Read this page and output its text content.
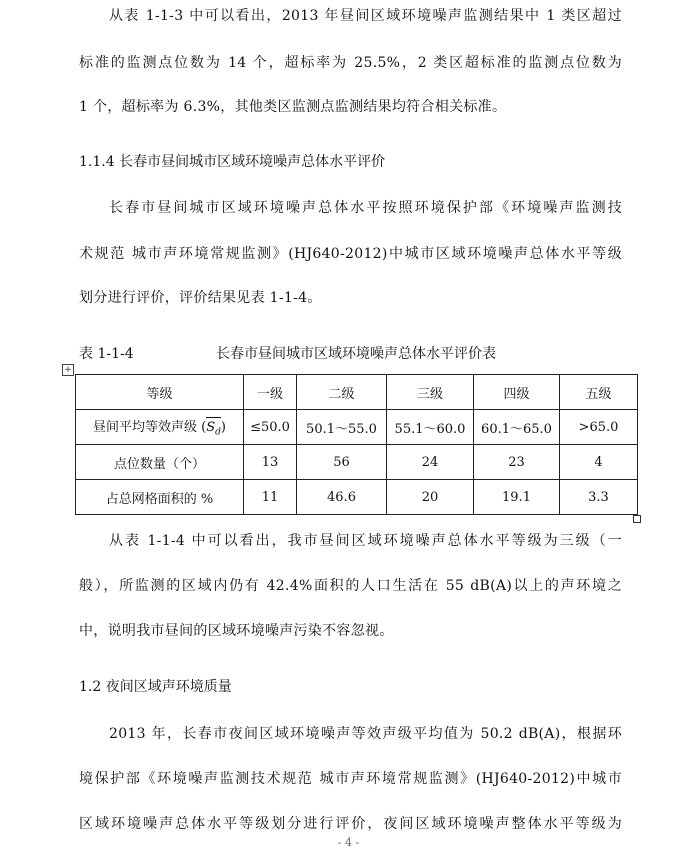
从表 1-1-3 中可以看出，2013 年昼间区域环境噪声监测结果中 1 类区超过
标准的监测点位数为 14 个，超标率为 25.5%，2 类区超标准的监测点位数为
1 个，超标率为 6.3%，其他类区监测点监测结果均符合相关标准。
1.1.4 长春市昼间城市区域环境噪声总体水平评价
长春市昼间城市区域环境噪声总体水平按照环境保护部《环境噪声监测技
术规范 城市声环境常规监测》(HJ640-2012)中城市区域环境噪声总体水平等级
划分进行评价，评价结果见表 1-1-4。
表 1-1-4	长春市昼间城市区域环境噪声总体水平评价表
+
等级	一级	二级	三级	四级	五级
昼间平均等效声级 (
$S_d$)	≤50.0	50.1～55.0	55.1～60.0	60.1～65.0	>65.0
点位数量（个）	13	56	24	23	4
占总网格面积的 %	11	46.6	20	19.1	3.3
从表 1-1-4 中可以看出，我市昼间区域环境噪声总体水平等级为三级（一
般），所监测的区域内仍有 42.4%面积的人口生活在 55 dB(A)以上的声环境之
中，说明我市昼间的区域环境噪声污染不容忽视。
1.2 夜间区域声环境质量
2013 年，长春市夜间区域环境噪声等效声级平均值为 50.2 dB(A)，根据环
境保护部《环境噪声监测技术规范 城市声环境常规监测》(HJ640-2012)中城市
区域环境噪声总体水平等级划分进行评价，夜间区域环境噪声整体水平等级为
- 4 -
